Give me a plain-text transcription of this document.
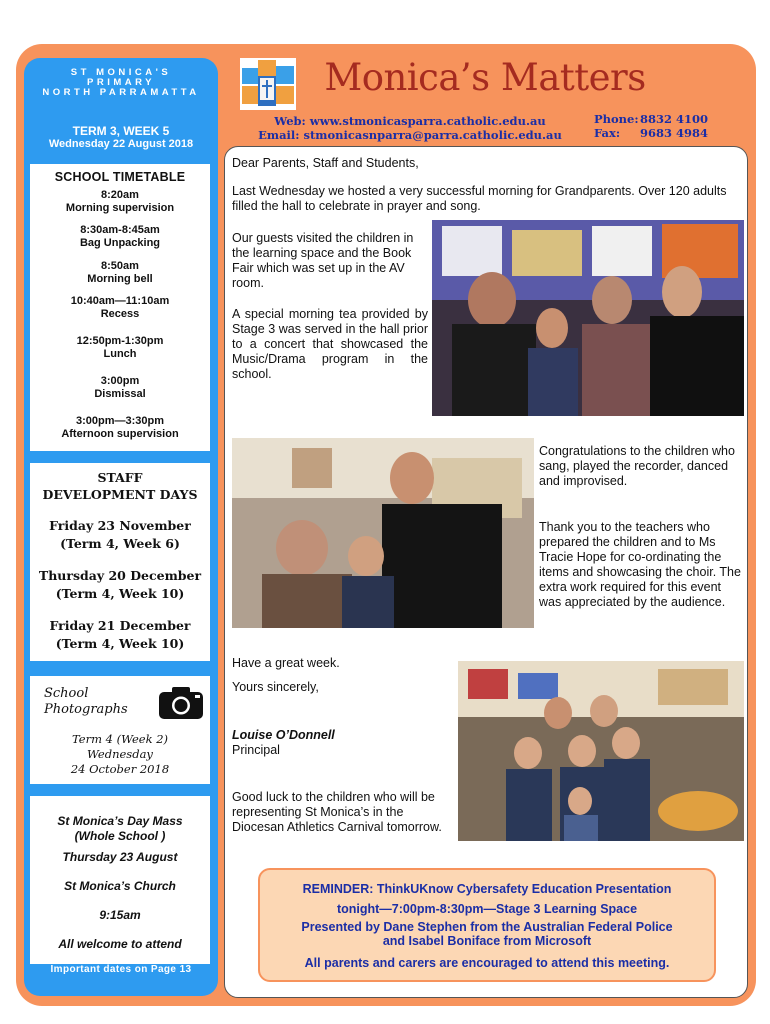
ST MONICA'S
PRIMARY
NORTH PARRAMATTA
TERM 3, WEEK 5
Wednesday 22 August 2018
SCHOOL TIMETABLE
8:20am
Morning supervision
8:30am-8:45am
Bag Unpacking
8:50am
Morning bell
10:40am—11:10am
Recess
12:50pm-1:30pm
Lunch
3:00pm
Dismissal
3:00pm—3:30pm
Afternoon supervision
STAFF
DEVELOPMENT DAYS
Friday 23 November
(Term 4, Week 6)
Thursday 20 December
(Term 4, Week 10)
Friday 21 December
(Term 4, Week 10)
School
Photographs
Term 4 (Week 2)
Wednesday
24 October 2018
St Monica’s Day Mass
(Whole School )
Thursday 23 August
St Monica’s Church
9:15am
All welcome to attend
Important dates on Page 13
Monica’s Matters
Web: www.stmonicasparra.catholic.edu.au
Email: stmonicasnparra@parra.catholic.edu.au
Phone:8832 4100
Fax: 9683 4984
Dear Parents, Staff and Students,
Last Wednesday we hosted a very successful morning for Grandparents. Over 120 adults filled the hall to celebrate in prayer and song.
Our guests visited the children in the learning space and the Book Fair which was set up in the AV room.
A special morning tea provided by Stage 3 was served in the hall prior to a concert that showcased the Music/Drama program in the school.
Congratulations to the children who sang, played the recorder, danced and improvised.
Thank you to the teachers who prepared the children and to Ms Tracie Hope for co-ordinating the items and showcasing the choir. The extra work required for this event was appreciated by the audience.
Have a great week.
Yours sincerely,
Louise O’Donnell
Principal
Good luck to the children who will be representing St Monica’s in the Diocesan Athletics Carnival tomorrow.
REMINDER: ThinkUKnow Cybersafety Education Presentation
tonight—7:00pm-8:30pm—Stage 3 Learning Space
Presented by Dane Stephen from the Australian Federal Police
and Isabel Boniface from Microsoft
All parents and carers are encouraged to attend this meeting.
